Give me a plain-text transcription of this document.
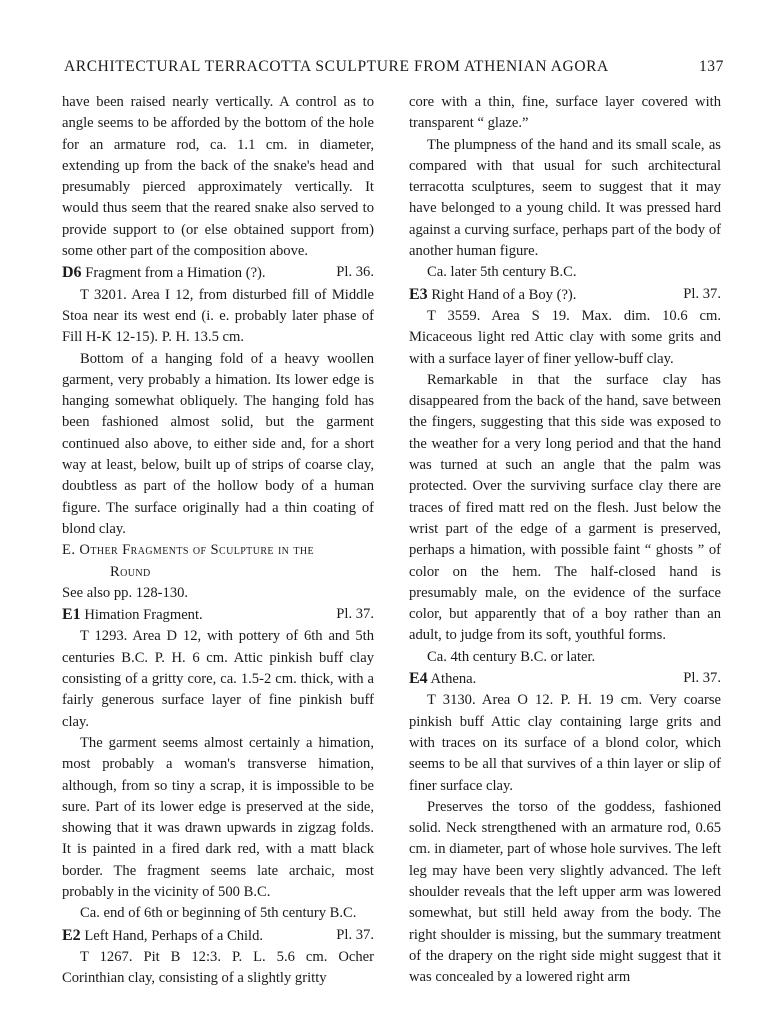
ARCHITECTURAL TERRACOTTA SCULPTURE FROM ATHENIAN AGORA	137

have been raised nearly vertically. A control as to angle seems to be afforded by the bottom of the hole for an armature rod, ca. 1.1 cm. in diameter, extending up from the back of the snake's head and presumably pierced approximately vertically. It would thus seem that the reared snake also served to provide support to (or else obtained support from) some other part of the composition above.

D6 Fragment from a Himation (?).	Pl. 36.

T 3201. Area I 12, from disturbed fill of Middle Stoa near its west end (i. e. probably later phase of Fill H-K 12-15). P. H. 13.5 cm.

Bottom of a hanging fold of a heavy woollen garment, very probably a himation. Its lower edge is hanging somewhat obliquely. The hanging fold has been fashioned almost solid, but the garment continued also above, to either side and, for a short way at least, below, built up of strips of coarse clay, doubtless as part of the hollow body of a human figure. The surface originally had a thin coating of blond clay.

E. Other Fragments of Sculpture in the
Round

See also pp. 128-130.

E1 Himation Fragment.	Pl. 37.

T 1293. Area D 12, with pottery of 6th and 5th centuries B.C. P. H. 6 cm. Attic pinkish buff clay consisting of a gritty core, ca. 1.5-2 cm. thick, with a fairly generous surface layer of fine pinkish buff clay.

The garment seems almost certainly a himation, most probably a woman's transverse himation, although, from so tiny a scrap, it is impossible to be sure. Part of its lower edge is preserved at the side, showing that it was drawn upwards in zigzag folds. It is painted in a fired dark red, with a matt black border. The fragment seems late archaic, most probably in the vicinity of 500 B.C.

Ca. end of 6th or beginning of 5th century B.C.

E2 Left Hand, Perhaps of a Child.	Pl. 37.

T 1267. Pit B 12:3. P. L. 5.6 cm. Ocher Corinthian clay, consisting of a slightly gritty

core with a thin, fine, surface layer covered with transparent “ glaze.”

The plumpness of the hand and its small scale, as compared with that usual for such architectural terracotta sculptures, seem to suggest that it may have belonged to a young child. It was pressed hard against a curving surface, perhaps part of the body of another human figure.

Ca. later 5th century B.C.

E3 Right Hand of a Boy (?).	Pl. 37.

T 3559. Area S 19. Max. dim. 10.6 cm. Micaceous light red Attic clay with some grits and with a surface layer of finer yellow-buff clay.

Remarkable in that the surface clay has disappeared from the back of the hand, save between the fingers, suggesting that this side was exposed to the weather for a very long period and that the hand was turned at such an angle that the palm was protected. Over the surviving surface clay there are traces of fired matt red on the flesh. Just below the wrist part of the edge of a garment is preserved, perhaps a himation, with possible faint “ ghosts ” of color on the hem. The half-closed hand is presumably male, on the evidence of the surface color, but apparently that of a boy rather than an adult, to judge from its soft, youthful forms.

Ca. 4th century B.C. or later.

E4 Athena.	Pl. 37.

T 3130. Area O 12. P. H. 19 cm. Very coarse pinkish buff Attic clay containing large grits and with traces on its surface of a blond color, which seems to be all that survives of a thin layer or slip of finer surface clay.

Preserves the torso of the goddess, fashioned solid. Neck strengthened with an armature rod, 0.65 cm. in diameter, part of whose hole survives. The left leg may have been very slightly advanced. The left shoulder reveals that the left upper arm was lowered somewhat, but still held away from the body. The right shoulder is missing, but the summary treatment of the drapery on the right side might suggest that it was concealed by a lowered right arm
